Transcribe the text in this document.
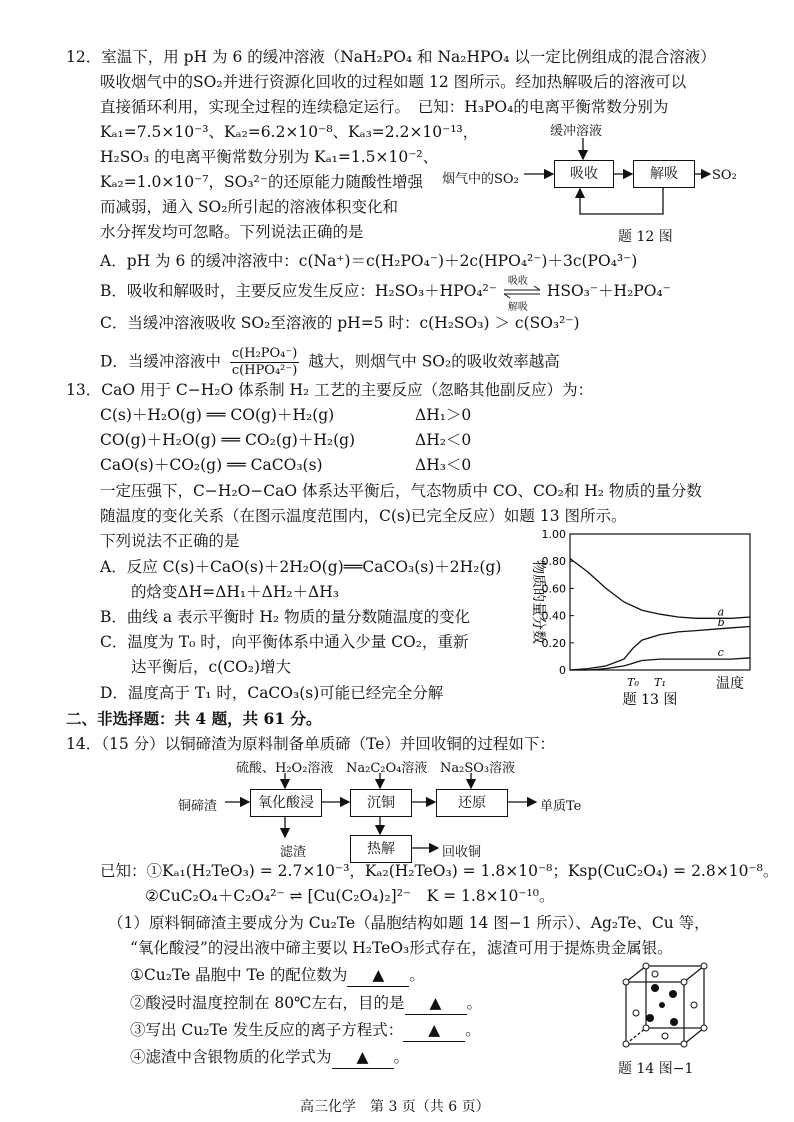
12．室温下，用 pH 为 6 的缓冲溶液（NaH₂PO₄ 和 Na₂HPO₄ 以一定比例组成的混合溶液）
吸收烟气中的SO₂并进行资源化回收的过程如题 12 图所示。经加热解吸后的溶液可以
直接循环利用，实现全过程的连续稳定运行。　已知：H₃PO₄的电离平衡常数分别为
Kₐ₁=7.5×10⁻³、Kₐ₂=6.2×10⁻⁸、Kₐ₃=2.2×10⁻¹³，
H₂SO₃ 的电离平衡常数分别为 Kₐ₁=1.5×10⁻²、
Kₐ₂=1.0×10⁻⁷，SO₃²⁻的还原能力随酸性增强
而减弱，通入 SO₂所引起的溶液体积变化和
水分挥发均可忽略。下列说法正确的是
缓冲溶液
烟气中的SO₂	吸收	解吸	SO₂
题 12 图
A．pH 为 6 的缓冲溶液中：c(Na⁺)＝c(H₂PO₄⁻)＋2c(HPO₄²⁻)＋3c(PO₄³⁻)
B．吸收和解吸时，主要反应发生反应：H₂SO₃＋HPO₄²⁻
吸收
解吸
HSO₃⁻＋H₂PO₄⁻
C．当缓冲溶液吸收 SO₂至溶液的 pH=5 时：c(H₂SO₃) ＞ c(SO₃²⁻)
D．当缓冲溶液中 c(H₂PO₄⁻)
c(HPO₄²⁻) 越大，则烟气中 SO₂的吸收效率越高
13．CaO 用于 C−H₂O 体系制 H₂ 工艺的主要反应（忽略其他副反应）为：
C(s)＋H₂O(g) ══ CO(g)＋H₂(g)	ΔH₁＞0
CO(g)＋H₂O(g) ══ CO₂(g)＋H₂(g)	ΔH₂＜0
CaO(s)＋CO₂(g) ══ CaCO₃(s)	ΔH₃＜0
一定压强下，C−H₂O−CaO 体系达平衡后，气态物质中 CO、CO₂和 H₂ 物质的量分数
随温度的变化关系（在图示温度范围内，C(s)已完全反应）如题 13 图所示。
下列说法不正确的是
A．反应 C(s)＋CaO(s)＋2H₂O(g)══CaCO₃(s)＋2H₂(g)
　　的焓变ΔH=ΔH₁＋ΔH₂＋ΔH₃
B．曲线 a 表示平衡时 H₂ 物质的量分数随温度的变化
C．温度为 T₀ 时，向平衡体系中通入少量 CO₂，重新
　　达平衡后，c(CO₂)增大
D．温度高于 T₁ 时，CaCO₃(s)可能已经完全分解
0
0.20
0.40
0.60
0.80
1.00
物质的量分数
T₀ T₁	温度
a
b
c
题 13 图
二、非选择题：共 4 题，共 61 分。
14．（15 分）以铜碲渣为原料制备单质碲（Te）并回收铜的过程如下：
硫酸、H₂O₂溶液 Na₂C₂O₄溶液 Na₂SO₃溶液
铜碲渣	氧化酸浸	沉铜	还原	单质Te
滤渣	热解	回收铜
已知：①Kₐ₁(H₂TeO₃) = 2.7×10⁻³，Kₐ₂(H₂TeO₃) = 1.8×10⁻⁸；Ksp(CuC₂O₄) = 2.8×10⁻⁸。
②CuC₂O₄＋C₂O₄²⁻ ⇌ [Cu(C₂O₄)₂]²⁻　K = 1.8×10⁻¹⁰。
（1）原料铜碲渣主要成分为 Cu₂Te（晶胞结构如题 14 图−1 所示）、Ag₂Te、Cu 等，
“氧化酸浸”的浸出液中碲主要以 H₂TeO₃形式存在，滤渣可用于提炼贵金属银。
①Cu₂Te 晶胞中 Te 的配位数为 ▲ 。
②酸浸时温度控制在 80℃左右，目的是 ▲ 。
③写出 Cu₂Te 发生反应的离子方程式： ▲ 。
④滤渣中含银物质的化学式为 ▲ 。
题 14 图−1
高三化学　第 3 页（共 6 页）
